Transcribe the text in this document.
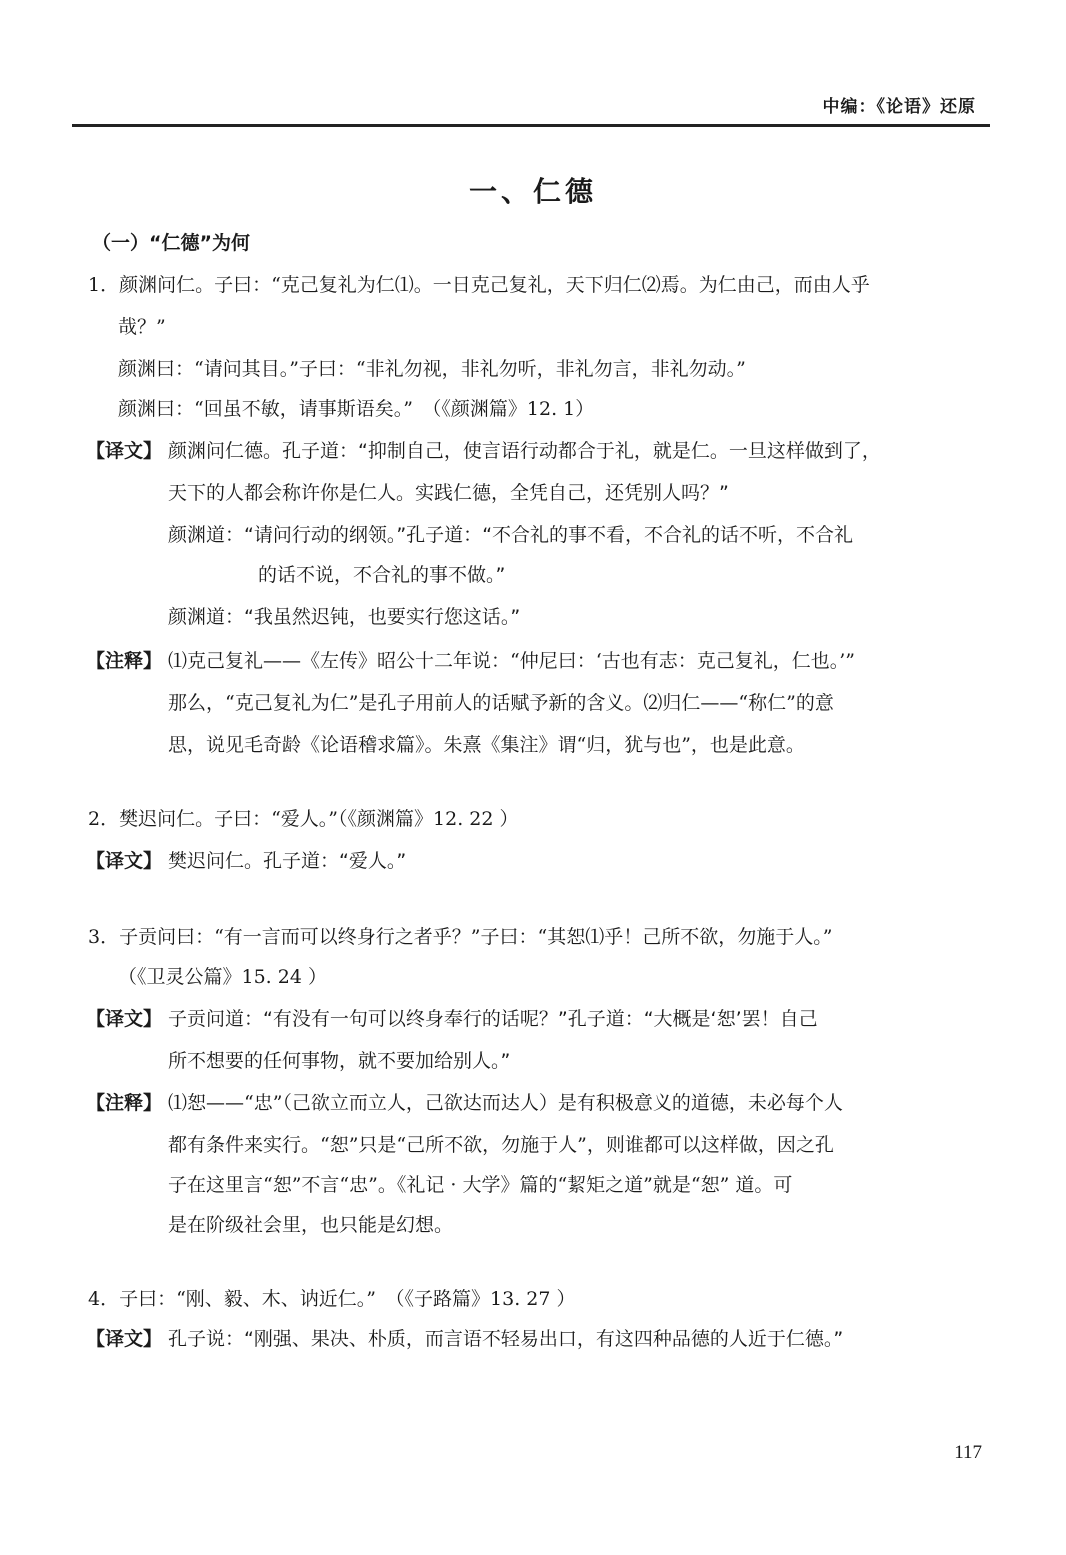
中编：《论语》还原
一、仁德
（一）“仁德”为何
1．颜渊问仁。子曰：“克己复礼为仁⑴。一日克己复礼，天下归仁⑵焉。为仁由己，而由人乎
哉？”
颜渊曰：“请问其目。”子曰：“非礼勿视，非礼勿听，非礼勿言，非礼勿动。”
颜渊曰：“回虽不敏，请事斯语矣。”　（《颜渊篇》12. 1）
【译文】 颜渊问仁德。孔子道：“抑制自己，使言语行动都合于礼，就是仁。一旦这样做到了，
天下的人都会称许你是仁人。实践仁德，全凭自己，还凭别人吗？”
颜渊道：“请问行动的纲领。”孔子道：“不合礼的事不看，不合礼的话不听，不合礼
的话不说，不合礼的事不做。”
颜渊道：“我虽然迟钝，也要实行您这话。”
【注释】 ⑴克己复礼——《左传》昭公十二年说：“仲尼曰：‘古也有志：克己复礼，仁也。’”
那么，“克己复礼为仁”是孔子用前人的话赋予新的含义。⑵归仁——“称仁”的意
思，说见毛奇龄《论语稽求篇》。朱熹《集注》谓“归，犹与也”，也是此意。
2．樊迟问仁。子曰：“爱人。”（《颜渊篇》12. 22 ）
【译文】 樊迟问仁。孔子道：“爱人。”
3．子贡问曰：“有一言而可以终身行之者乎？”子曰：“其恕⑴乎！己所不欲，勿施于人。”
（《卫灵公篇》15. 24 ）
【译文】 子贡问道：“有没有一句可以终身奉行的话呢？”孔子道：“大概是‘恕’罢！自己
所不想要的任何事物，就不要加给别人。”
【注释】 ⑴恕——“忠”（己欲立而立人，己欲达而达人）是有积极意义的道德，未必每个人
都有条件来实行。“恕”只是“己所不欲，勿施于人”，则谁都可以这样做，因之孔
子在这里言“恕”不言“忠”。《礼记 · 大学》篇的“絜矩之道”就是“恕” 道。可
是在阶级社会里，也只能是幻想。
4．子曰：“刚、毅、木、讷近仁。”　（《子路篇》13. 27 ）
【译文】 孔子说：“刚强、果决、朴质，而言语不轻易出口，有这四种品德的人近于仁德。”
117
